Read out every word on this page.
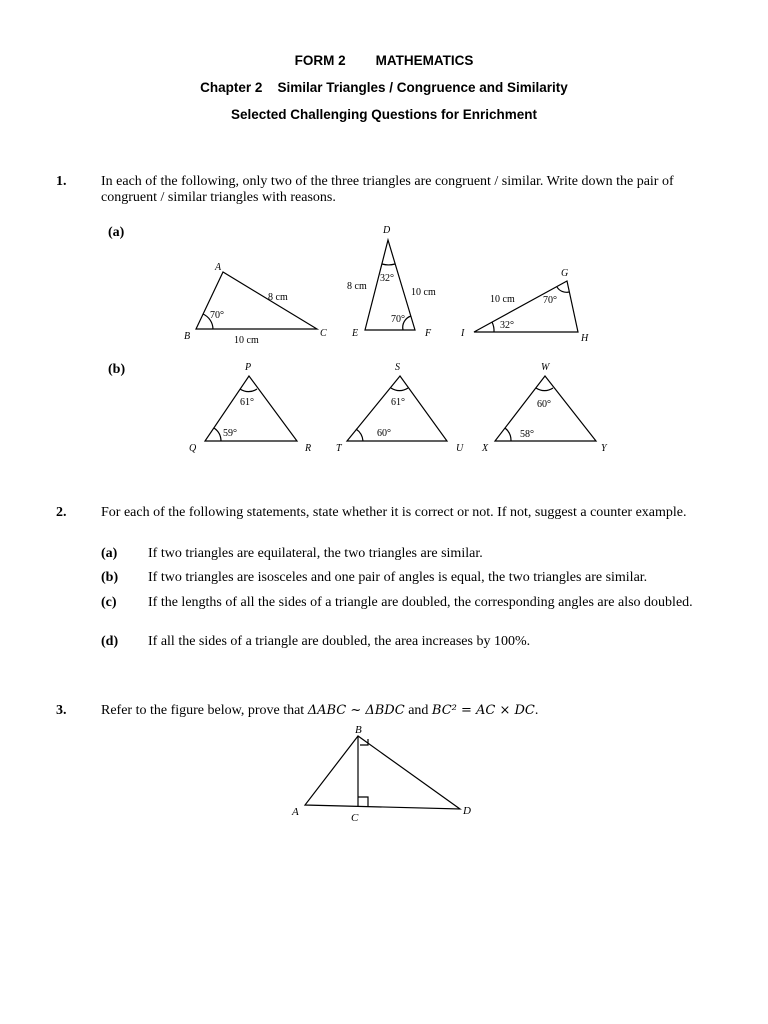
FORM 2 MATHEMATICS
Chapter 2 Similar Triangles / Congruence and Similarity
Selected Challenging Questions for Enrichment
1. In each of the following, only two of the three triangles are congruent / similar. Write down the pair of congruent / similar triangles with reasons.
(a)
(b)
A
B	C
8 cm
10 cm
70°
D
E	F
8 cm
10 cm
32°
70°
G
I	H
10 cm	70°
32°
P
Q	R
61°
59°
S
T	U
61°
60°
W
X	Y
60°
58°
2. For each of the following statements, state whether it is correct or not. If not, suggest a counter example.
(a) If two triangles are equilateral, the two triangles are similar.
(b) If two triangles are isosceles and one pair of angles is equal, the two triangles are similar.
(c) If the lengths of all the sides of a triangle are doubled, the corresponding angles are also doubled.
(d) If all the sides of a triangle are doubled, the area increases by 100%.
3. Refer to the figure below, prove that ΔABC ~ ΔBDC and BC² = AC × DC.
B
A	C
D
